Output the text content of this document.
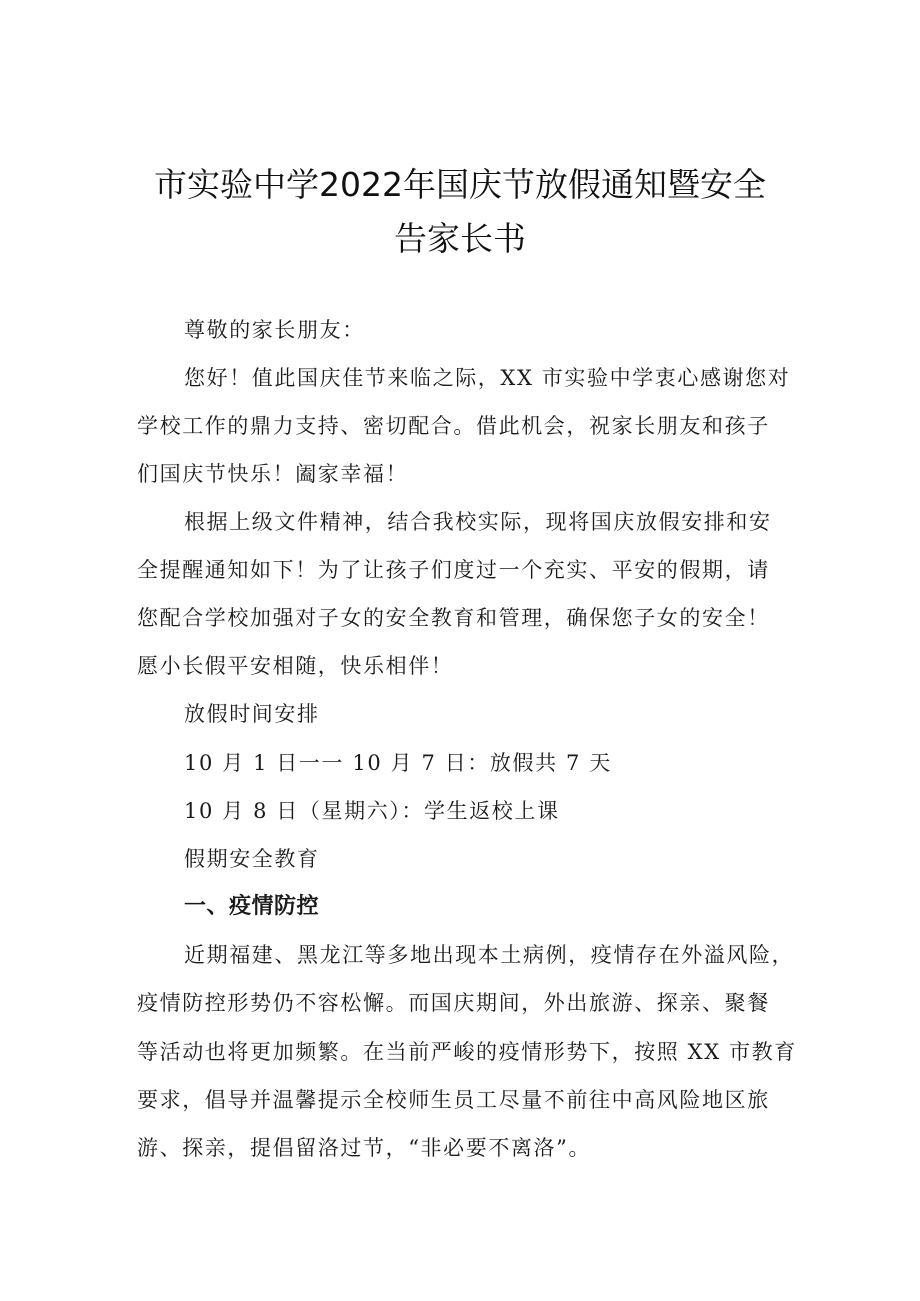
市实验中学2022年国庆节放假通知暨安全
告家长书

尊敬的家长朋友：

您好！值此国庆佳节来临之际，XX 市实验中学衷心感谢您对

学校工作的鼎力支持、密切配合。借此机会，祝家长朋友和孩子

们国庆节快乐！阖家幸福！

根据上级文件精神，结合我校实际，现将国庆放假安排和安

全提醒通知如下！为了让孩子们度过一个充实、平安的假期，请

您配合学校加强对子女的安全教育和管理，确保您子女的安全！

愿小长假平安相随，快乐相伴！

放假时间安排

10 月 1 日一一 10 月 7 日：放假共 7 天

10 月 8 日（星期六）：学生返校上课

假期安全教育

一、疫情防控

近期福建、黑龙江等多地出现本土病例，疫情存在外溢风险，

疫情防控形势仍不容松懈。而国庆期间，外出旅游、探亲、聚餐

等活动也将更加频繁。在当前严峻的疫情形势下，按照 XX 市教育

要求，倡导并温馨提示全校师生员工尽量不前往中高风险地区旅

游、探亲，提倡留洛过节，“非必要不离洛”。
